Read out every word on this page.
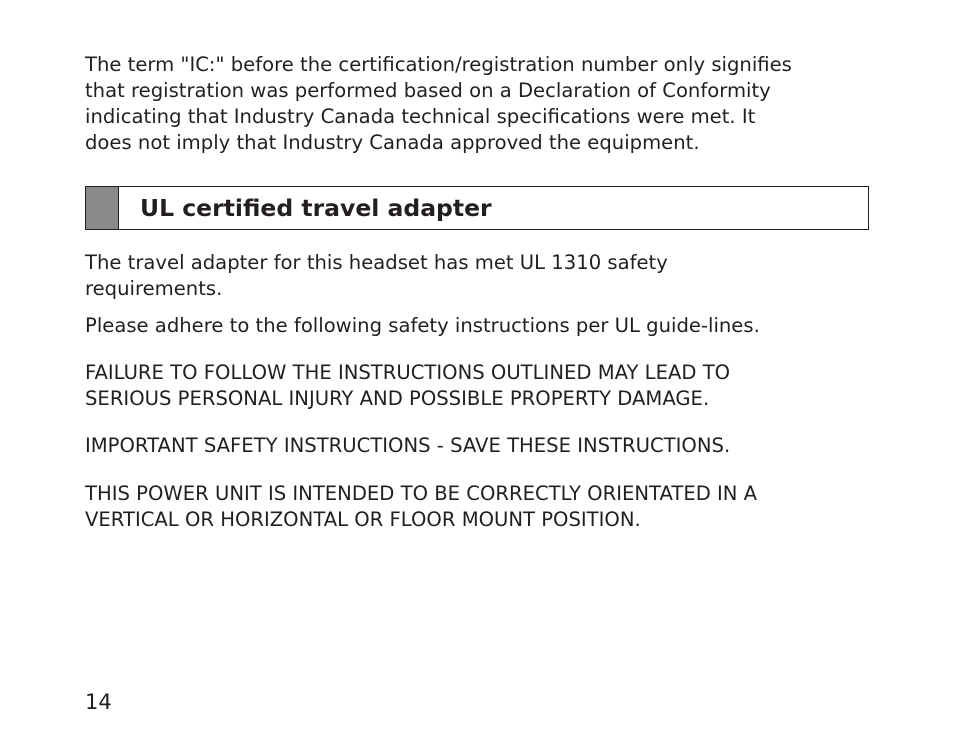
The term "IC:" before the certification/registration number only signifies
that registration was performed based on a Declaration of Conformity
indicating that Industry Canada technical specifications were met. It
does not imply that Industry Canada approved the equipment.

UL certified travel adapter

The travel adapter for this headset has met UL 1310 safety
requirements.

Please adhere to the following safety instructions per UL guide-lines.

FAILURE TO FOLLOW THE INSTRUCTIONS OUTLINED MAY LEAD TO
SERIOUS PERSONAL INJURY AND POSSIBLE PROPERTY DAMAGE.

IMPORTANT SAFETY INSTRUCTIONS - SAVE THESE INSTRUCTIONS.

THIS POWER UNIT IS INTENDED TO BE CORRECTLY ORIENTATED IN A
VERTICAL OR HORIZONTAL OR FLOOR MOUNT POSITION.

14
